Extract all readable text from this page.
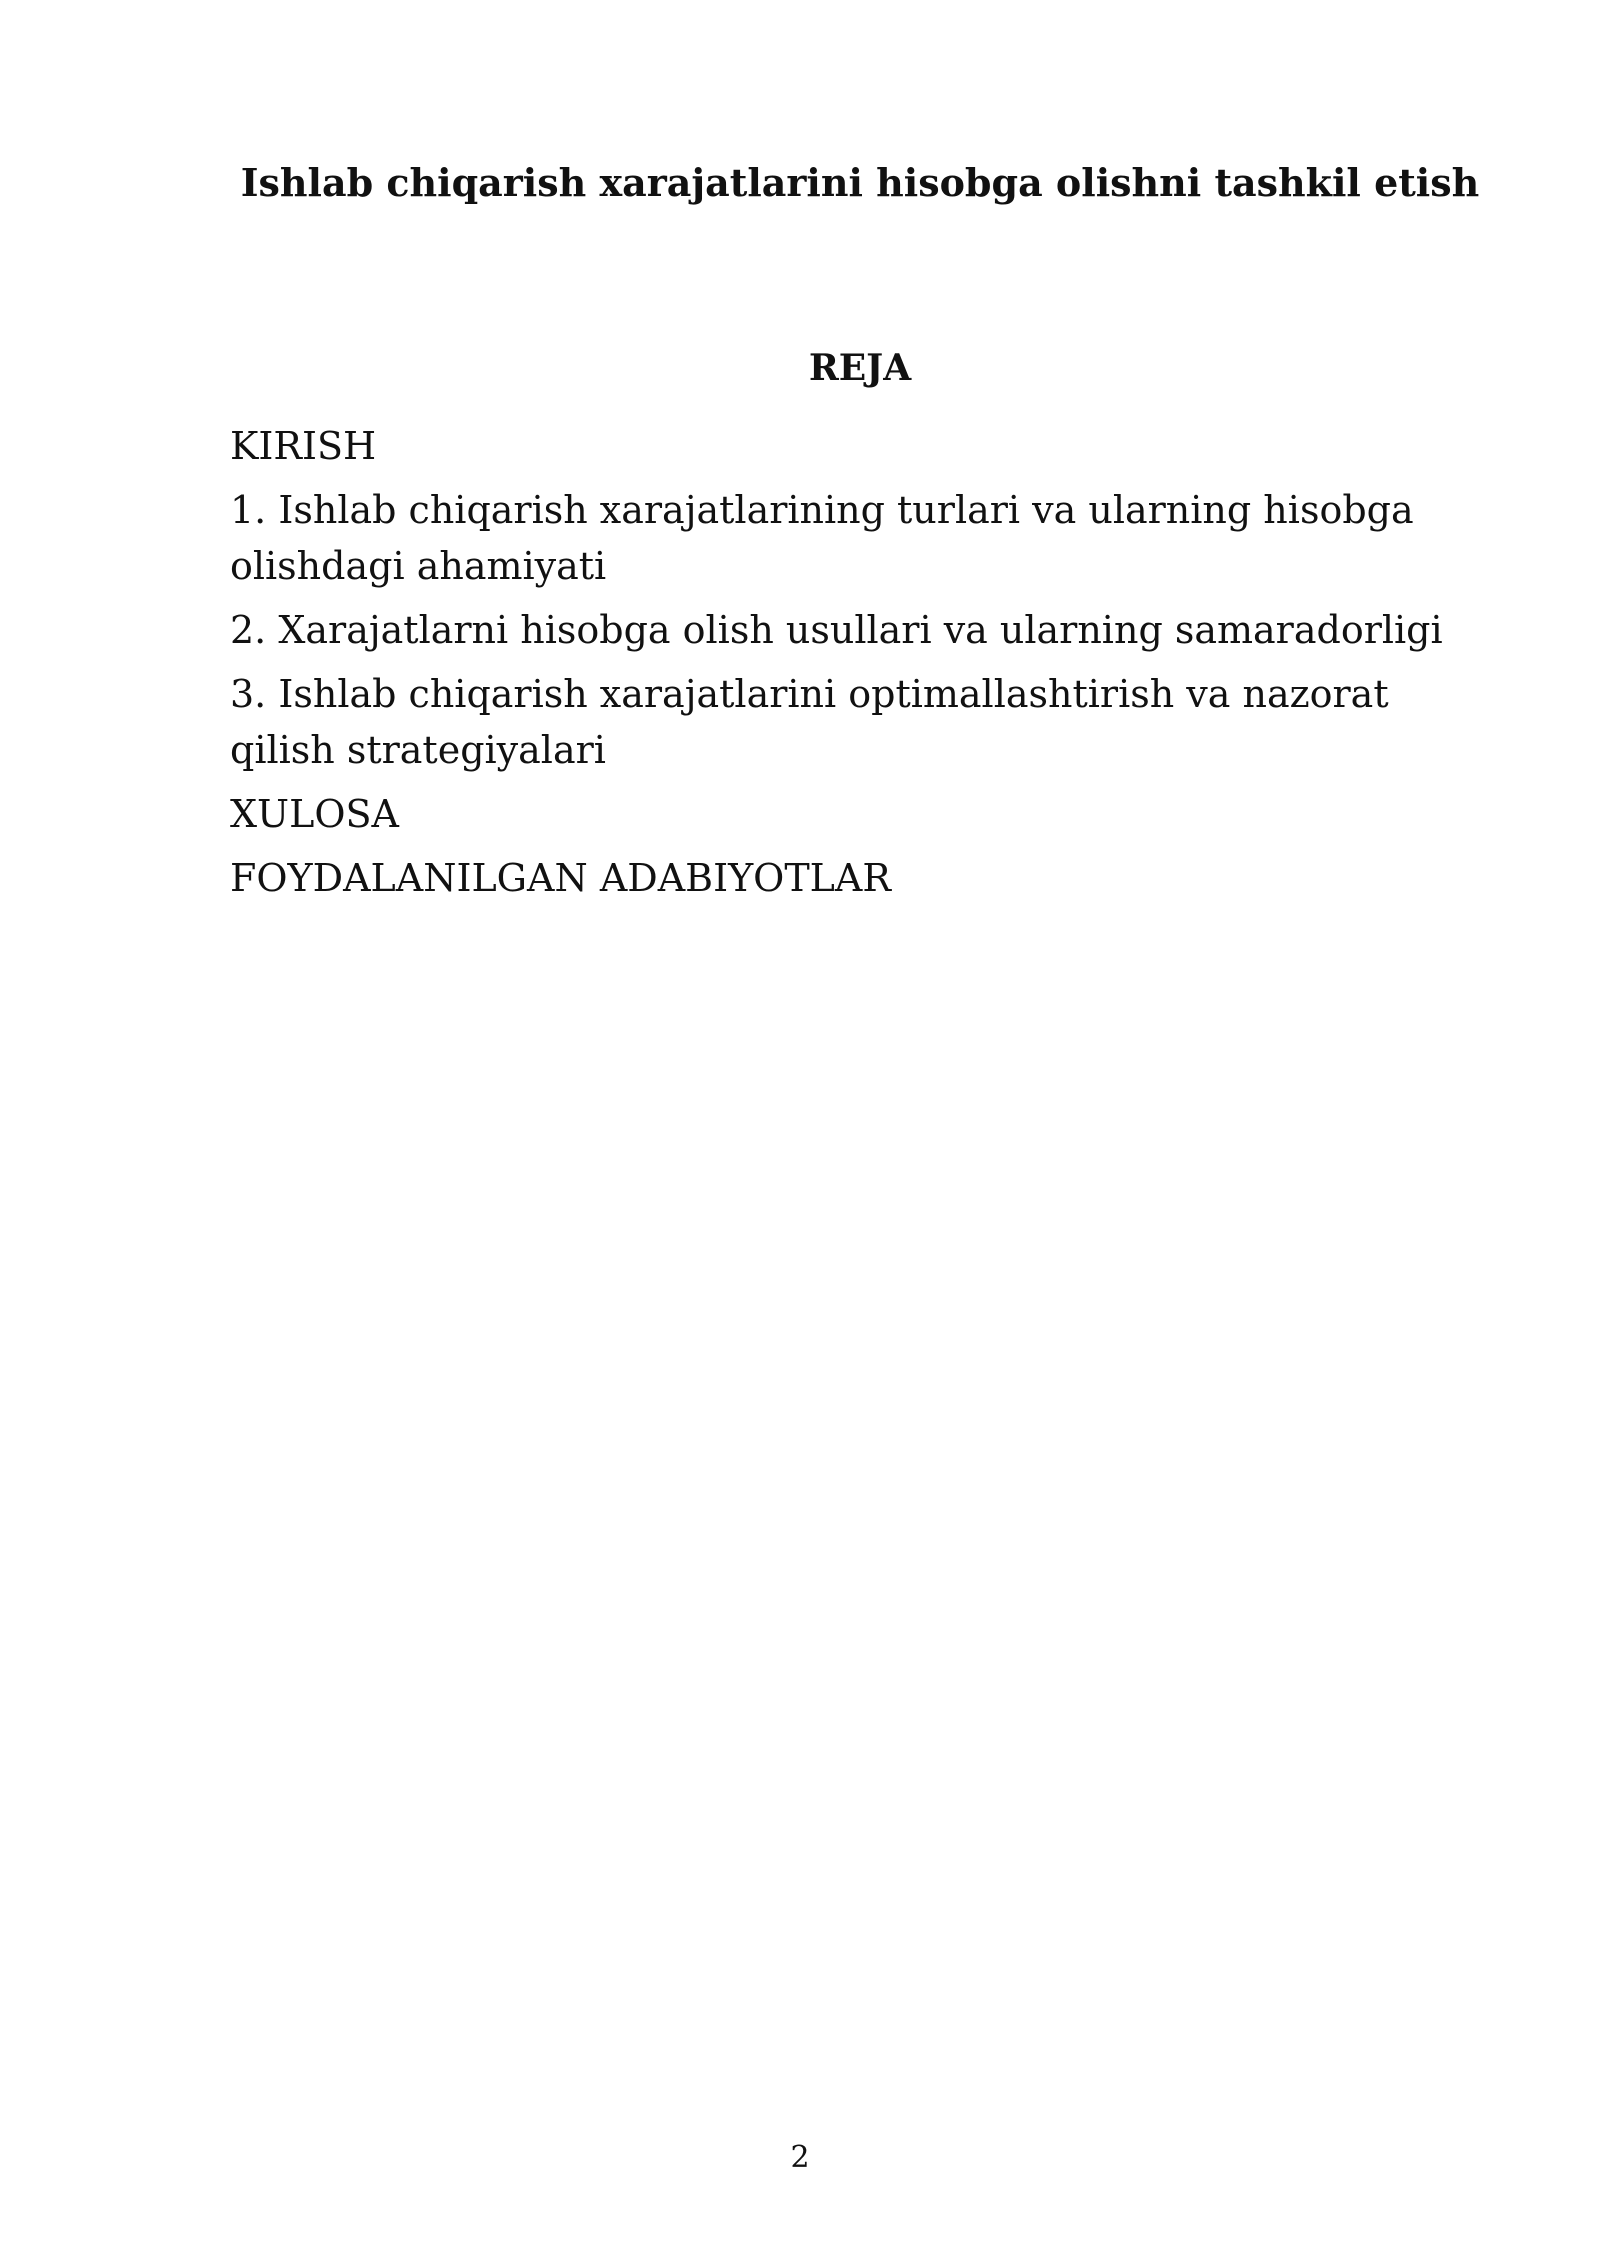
Ishlab chiqarish xarajatlarini hisobga olishni tashkil etish
REJA
KIRISH
1. Ishlab chiqarish xarajatlarining turlari va ularning hisobga olishdagi ahamiyati
2. Xarajatlarni hisobga olish usullari va ularning samaradorligi
3. Ishlab chiqarish xarajatlarini optimallashtirish va nazorat qilish strategiyalari
XULOSA
FOYDALANILGAN ADABIYOTLAR
2
